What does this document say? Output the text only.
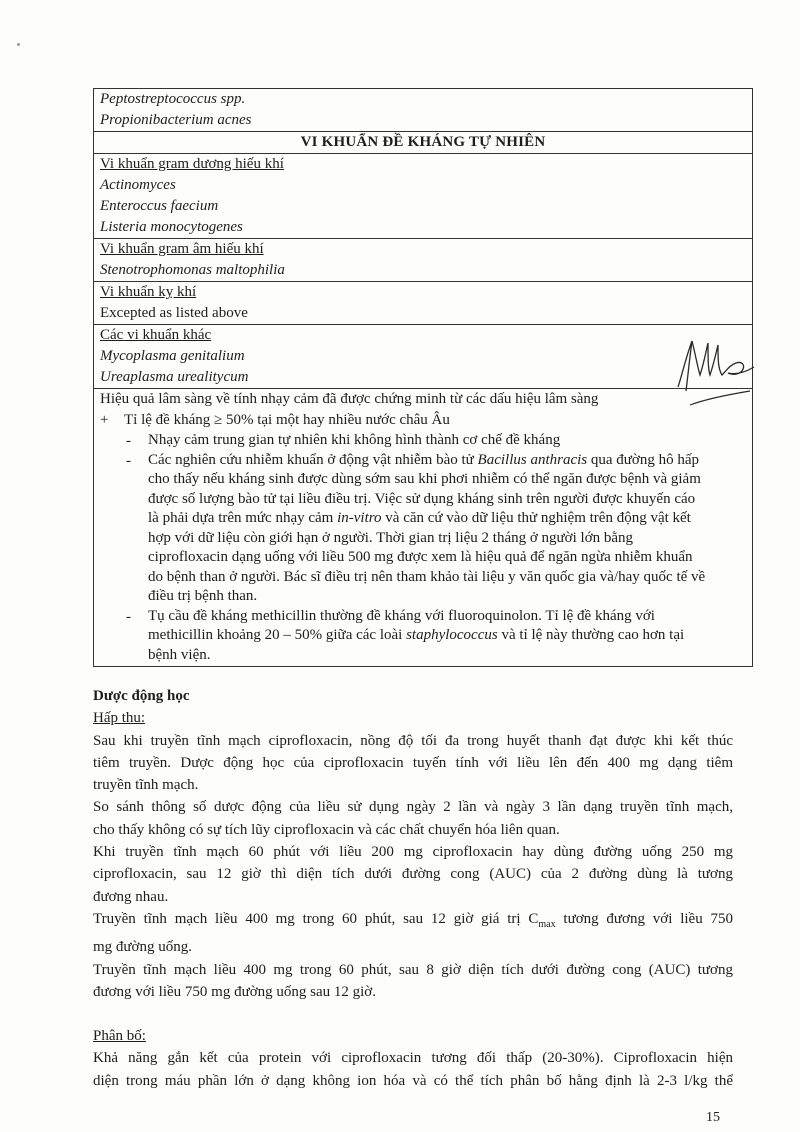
Peptostreptococcus spp.
Propionibacterium acnes
VI KHUẨN ĐỀ KHÁNG TỰ NHIÊN
Vi khuẩn gram dương hiếu khí
Actinomyces
Enteroccus faecium
Listeria monocytogenes
Vi khuẩn gram âm hiếu khí
Stenotrophomonas maltophilia
Vi khuẩn kỵ khí
Excepted as listed above
Các vi khuẩn khác
Mycoplasma genitalium
Ureaplasma urealitycum
Hiệu quả lâm sàng về tính nhạy cảm đã được chứng minh từ các dấu hiệu lâm sàng
+ Tỉ lệ đề kháng ≥ 50% tại một hay nhiều nước châu Âu
- Nhạy cảm trung gian tự nhiên khi không hình thành cơ chế đề kháng
- Các nghiên cứu nhiễm khuẩn ở động vật nhiễm bào tử Bacillus anthracis qua đường hô hấp
cho thấy nếu kháng sinh được dùng sớm sau khi phơi nhiễm có thể ngăn được bệnh và giảm
được số lượng bào tử tại liều điều trị. Việc sử dụng kháng sinh trên người được khuyến cáo
là phải dựa trên mức nhạy cảm in-vitro và căn cứ vào dữ liệu thử nghiệm trên động vật kết
hợp với dữ liệu còn giới hạn ở người. Thời gian trị liệu 2 tháng ở người lớn bằng
ciprofloxacin dạng uống với liều 500 mg được xem là hiệu quả để ngăn ngừa nhiễm khuẩn
do bệnh than ở người. Bác sĩ điều trị nên tham khảo tài liệu y văn quốc gia và/hay quốc tế về
điều trị bệnh than.
- Tụ cầu đề kháng methicillin thường đề kháng với fluoroquinolon. Tỉ lệ đề kháng với
methicillin khoảng 20 – 50% giữa các loài staphylococcus và tỉ lệ này thường cao hơn tại
bệnh viện.
Dược động học
Hấp thu:
Sau khi truyền tĩnh mạch ciprofloxacin, nồng độ tối đa trong huyết thanh đạt được khi kết thúc
tiêm truyền. Dược động học của ciprofloxacin tuyến tính với liều lên đến 400 mg dạng tiêm
truyền tĩnh mạch.
So sánh thông số dược động của liều sử dụng ngày 2 lần và ngày 3 lần dạng truyền tĩnh mạch,
cho thấy không có sự tích lũy ciprofloxacin và các chất chuyển hóa liên quan.
Khi truyền tĩnh mạch 60 phút với liều 200 mg ciprofloxacin hay dùng đường uống 250 mg
ciprofloxacin, sau 12 giờ thì diện tích dưới đường cong (AUC) của 2 đường dùng là tương
đương nhau.
Truyền tĩnh mạch liều 400 mg trong 60 phút, sau 12 giờ giá trị $C_{max}$ tương đương với liều 750
mg đường uống.
Truyền tĩnh mạch liều 400 mg trong 60 phút, sau 8 giờ diện tích dưới đường cong (AUC) tương
đương với liều 750 mg đường uống sau 12 giờ.
Phân bố:
Khả năng gắn kết của protein với ciprofloxacin tương đối thấp (20-30%). Ciprofloxacin hiện
diện trong máu phần lớn ở dạng không ion hóa và có thể tích phân bố hằng định là 2-3 l/kg thể
15
